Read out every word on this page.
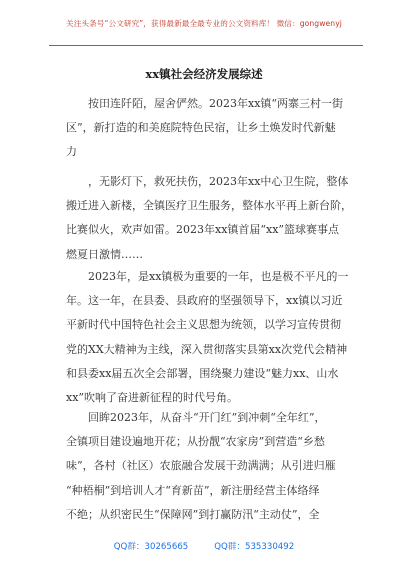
关注头条号“公文研究”，获得最新最全最专业的公文资料库！ 微信：gongwenyj
xx镇社会经济发展综述

　　按田连阡陌，屋舍俨然。2023年xx镇“两寨三村一街

区”，新打造的和美庭院特色民宿，让乡土焕发时代新魅

力

　　，无影灯下，救死扶伤，2023年xx中心卫生院，整体

搬迁进入新楼，全镇医疗卫生服务，整体水平再上新台阶，

比赛似火，欢声如雷。2023年xx镇首届“xx”篮球赛事点

燃夏日激情……

　　2023年，是xx镇极为重要的一年，也是极不平凡的一

年。这一年，在县委、县政府的坚强领导下，xx镇以习近

平新时代中国特色社会主义思想为统领，以学习宣传贯彻

党的XX大精神为主线，深入贯彻落实县第xx次党代会精神

和县委xx届五次全会部署，围绕聚力建设“魅力xx、山水

xx”吹响了奋进新征程的时代号角。

　　回眸2023年，从奋斗“开门红”到冲刺“全年红”，

全镇项目建设遍地开花；从扮靓“农家房”到营造“乡愁

味”，各村（社区）农旅融合发展干劲满满；从引进归雁

“种梧桐”到培训人才“育新苗”，新注册经营主体络绎

不绝；从织密民生“保障网”到打赢防汛“主动仗”，全

QQ群：30265665	QQ群：535330492
